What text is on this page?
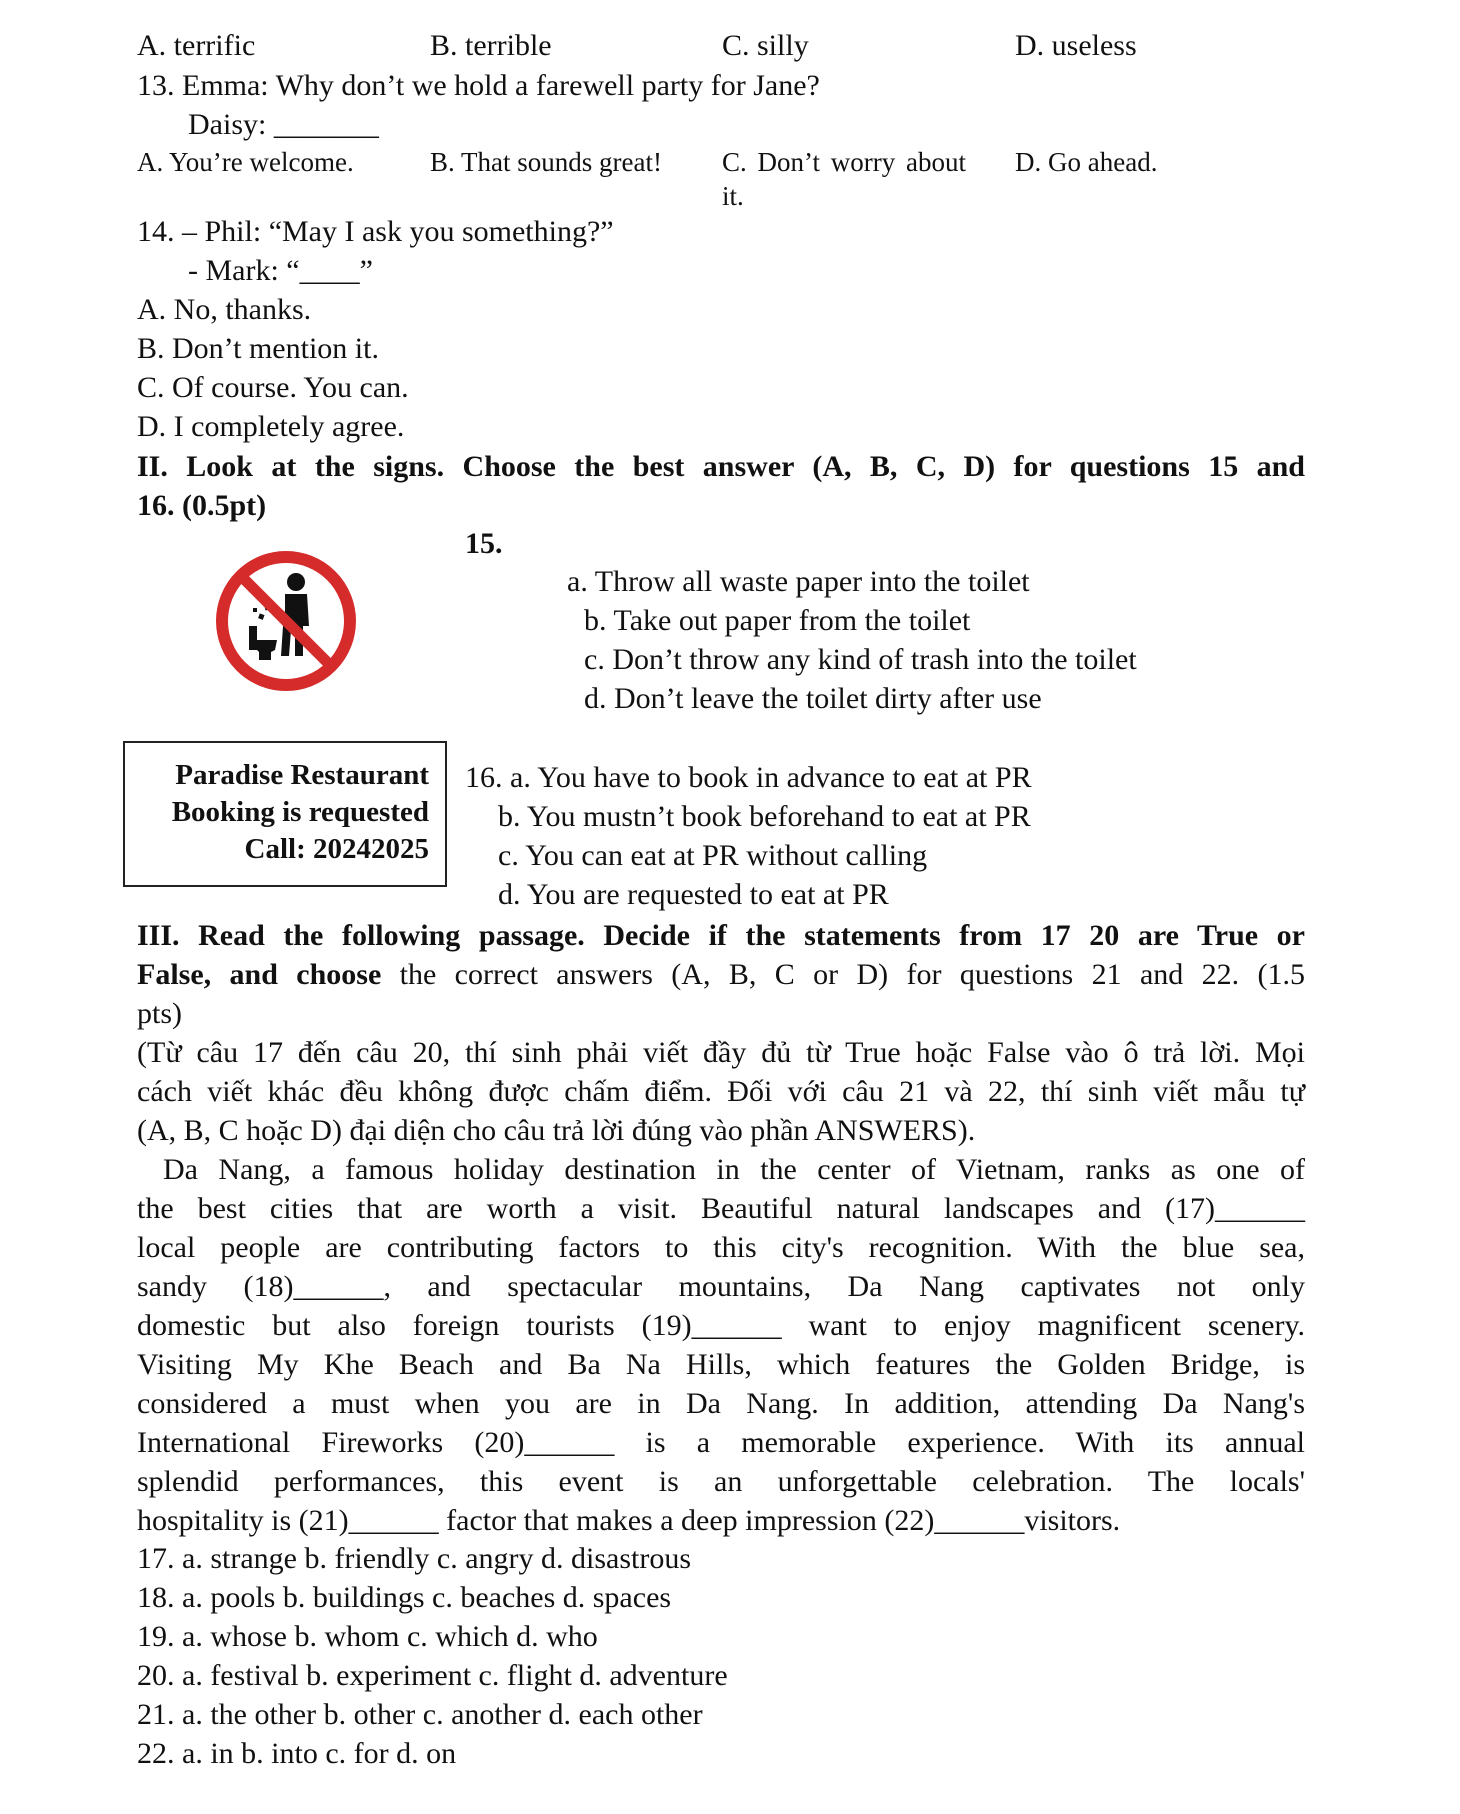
A. terrific	B. terrible	C. silly	D. useless
13. Emma: Why don’t we hold a farewell party for Jane?
Daisy: _______
A. You’re welcome.	B. That sounds great! C. Don’t worry about
it.
D. Go ahead.
14. – Phil: “May I ask you something?”
- Mark: “____”
A. No, thanks.
B. Don’t mention it.
C. Of course. You can.
D. I completely agree.
II. Look at the signs. Choose the best answer (A, B, C, D) for questions 15 and
16. (0.5pt)
15.
a. Throw all waste paper into the toilet
b. Take out paper from the toilet
c. Don’t throw any kind of trash into the toilet
d. Don’t leave the toilet dirty after use
Paradise Restaurant
Booking is requested
Call: 20242025
16. a. You have to book in advance to eat at PR
b. You mustn’t book beforehand to eat at PR
c. You can eat at PR without calling
d. You are requested to eat at PR
III. Read the following passage. Decide if the statements from 17 20 are True or
False, and choose the correct answers (A, B, C or D) for questions 21 and 22. (1.5
pts)
(Từ câu 17 đến câu 20, thí sinh phải viết đầy đủ từ True hoặc False vào ô trả lời. Mọi
cách viết khác đều không được chấm điểm. Đối với câu 21 và 22, thí sinh viết mẫu tự
(A, B, C hoặc D) đại diện cho câu trả lời đúng vào phần ANSWERS).
Da Nang, a famous holiday destination in the center of Vietnam, ranks as one of
the best cities that are worth a visit. Beautiful natural landscapes and (17)______
local people are contributing factors to this city's recognition. With the blue sea,
sandy (18)______, and spectacular mountains, Da Nang captivates not only
domestic but also foreign tourists (19)______ want to enjoy magnificent scenery.
Visiting My Khe Beach and Ba Na Hills, which features the Golden Bridge, is
considered a must when you are in Da Nang. In addition, attending Da Nang's
International Fireworks (20)______ is a memorable experience. With its annual
splendid performances, this event is an unforgettable celebration. The locals'
hospitality is (21)______ factor that makes a deep impression (22)______visitors.
17. a. strange b. friendly c. angry d. disastrous
18. a. pools b. buildings c. beaches d. spaces
19. a. whose b. whom c. which d. who
20. a. festival b. experiment c. flight d. adventure
21. a. the other b. other c. another d. each other
22. a. in b. into c. for d. on
